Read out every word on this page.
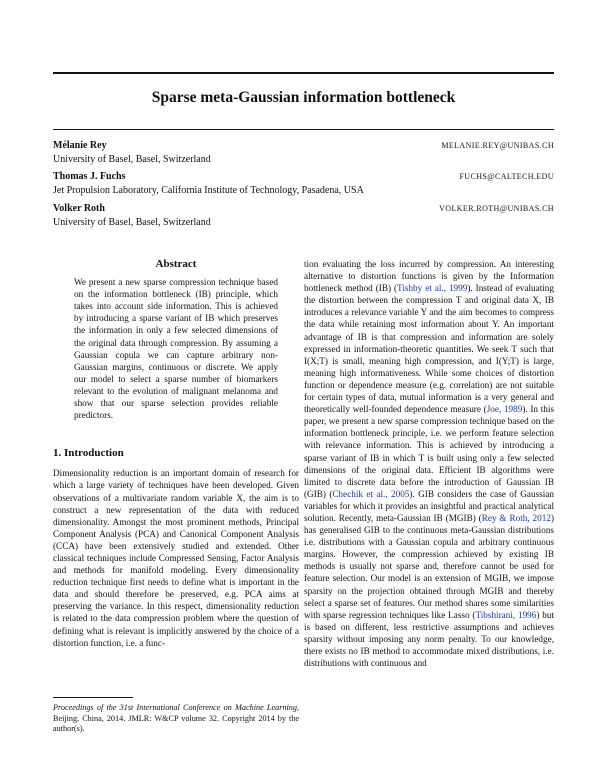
Sparse meta-Gaussian information bottleneck
Mélanie Rey
University of Basel, Basel, Switzerland
MELANIE.REY@UNIBAS.CH
Thomas J. Fuchs
Jet Propulsion Laboratory, California Institute of Technology, Pasadena, USA
FUCHS@CALTECH.EDU
Volker Roth
University of Basel, Basel, Switzerland
VOLKER.ROTH@UNIBAS.CH
Abstract

We present a new sparse compression technique based on the information bottleneck (IB) principle, which takes into account side information. This is achieved by introducing a sparse variant of IB which preserves the information in only a few selected dimensions of the original data through compression. By assuming a Gaussian copula we can capture arbitrary non-Gaussian margins, continuous or discrete. We apply our model to select a sparse number of biomarkers relevant to the evolution of malignant melanoma and show that our sparse selection provides reliable predictors.

1. Introduction

Dimensionality reduction is an important domain of research for which a large variety of techniques have been developed. Given observations of a multivariate random variable X, the aim is to construct a new representation of the data with reduced dimensionality. Amongst the most prominent methods, Principal Component Analysis (PCA) and Canonical Component Analysis (CCA) have been extensively studied and extended. Other classical techniques include Compressed Sensing, Factor Analysis and methods for manifold modeling. Every dimensionality reduction technique first needs to define what is important in the data and should therefore be preserved, e.g. PCA aims at preserving the variance. In this respect, dimensionality reduction is related to the data compression problem where the question of defining what is relevant is implicitly answered by the choice of a distortion function, i.e. a func-

tion evaluating the loss incurred by compression. An interesting alternative to distortion functions is given by the Information bottleneck method (IB) (Tishby et al., 1999). Instead of evaluating the distortion between the compression T and original data X, IB introduces a relevance variable Y and the aim becomes to compress the data while retaining most information about Y. An important advantage of IB is that compression and information are solely expressed in information-theoretic quantities. We seek T such that I(X;T) is small, meaning high compression, and I(Y;T) is large, meaning high informativeness. While some choices of distortion function or dependence measure (e.g. correlation) are not suitable for certain types of data, mutual information is a very general and theoretically well-founded dependence measure (Joe, 1989). In this paper, we present a new sparse compression technique based on the information bottleneck principle, i.e. we perform feature selection with relevance information. This is achieved by introducing a sparse variant of IB in which T is built using only a few selected dimensions of the original data. Efficient IB algorithms were limited to discrete data before the introduction of Gaussian IB (GIB) (Chechik et al., 2005). GIB considers the case of Gaussian variables for which it provides an insightful and practical analytical solution. Recently, meta-Gaussian IB (MGIB) (Rey & Roth, 2012) has generalised GIB to the continuous meta-Gaussian distributions i.e. distributions with a Gaussian copula and arbitrary continuous margins. However, the compression achieved by existing IB methods is usually not sparse and, therefore cannot be used for feature selection. Our model is an extension of MGIB, we impose sparsity on the projection obtained through MGIB and thereby select a sparse set of features. Our method shares some similarities with sparse regression techniques like Lasso (Tibshirani, 1996) but is based on different, less restrictive assumptions and achieves sparsity without imposing any norm penalty. To our knowledge, there exists no IB method to accommodate mixed distributions, i.e. distributions with continuous and

Proceedings of the 31st International Conference on Machine Learning, Beijing, China, 2014. JMLR: W&CP volume 32. Copyright 2014 by the author(s).
